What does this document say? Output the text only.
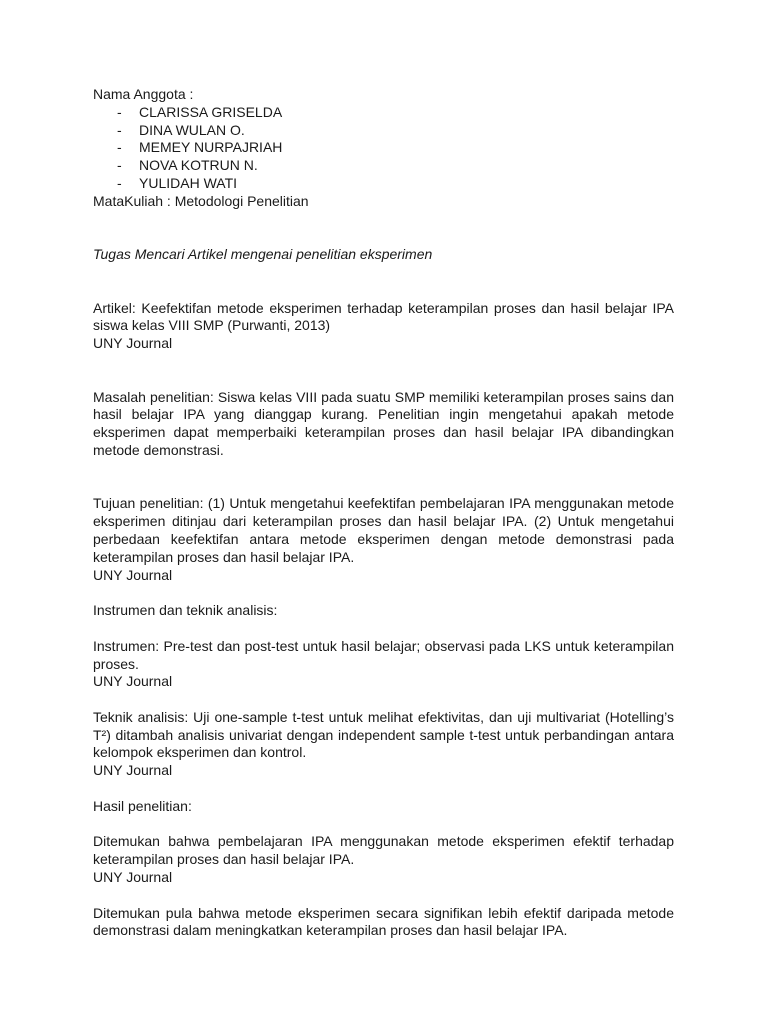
Nama Anggota :
- CLARISSA GRISELDA
- DINA WULAN O.
- MEMEY NURPAJRIAH
- NOVA KOTRUN N.
- YULIDAH WATI
MataKuliah : Metodologi Penelitian
Tugas Mencari Artikel mengenai penelitian eksperimen
Artikel: Keefektifan metode eksperimen terhadap keterampilan proses dan hasil belajar IPA siswa kelas VIII SMP (Purwanti, 2013)
UNY Journal
Masalah penelitian: Siswa kelas VIII pada suatu SMP memiliki keterampilan proses sains dan hasil belajar IPA yang dianggap kurang. Penelitian ingin mengetahui apakah metode eksperimen dapat memperbaiki keterampilan proses dan hasil belajar IPA dibandingkan metode demonstrasi.
Tujuan penelitian: (1) Untuk mengetahui keefektifan pembelajaran IPA menggunakan metode eksperimen ditinjau dari keterampilan proses dan hasil belajar IPA. (2) Untuk mengetahui perbedaan keefektifan antara metode eksperimen dengan metode demonstrasi pada keterampilan proses dan hasil belajar IPA.
UNY Journal
Instrumen dan teknik analisis:
Instrumen: Pre-test dan post-test untuk hasil belajar; observasi pada LKS untuk keterampilan proses.
UNY Journal
Teknik analisis: Uji one-sample t-test untuk melihat efektivitas, dan uji multivariat (Hotelling’s T²) ditambah analisis univariat dengan independent sample t-test untuk perbandingan antara kelompok eksperimen dan kontrol.
UNY Journal
Hasil penelitian:
Ditemukan bahwa pembelajaran IPA menggunakan metode eksperimen efektif terhadap keterampilan proses dan hasil belajar IPA.
UNY Journal
Ditemukan pula bahwa metode eksperimen secara signifikan lebih efektif daripada metode demonstrasi dalam meningkatkan keterampilan proses dan hasil belajar IPA.
